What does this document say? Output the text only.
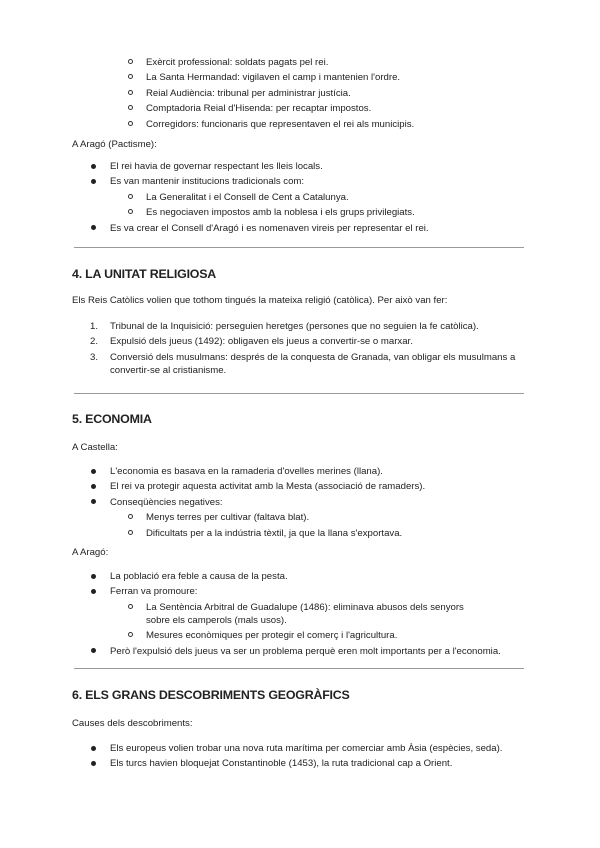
Exèrcit professional: soldats pagats pel rei.
La Santa Hermandad: vigilaven el camp i mantenien l'ordre.
Reial Audiència: tribunal per administrar justícia.
Comptadoria Reial d'Hisenda: per recaptar impostos.
Corregidors: funcionaris que representaven el rei als municipis.
A Aragó (Pactisme):
El rei havia de governar respectant les lleis locals.
Es van mantenir institucions tradicionals com:
La Generalitat i el Consell de Cent a Catalunya.
Es negociaven impostos amb la noblesa i els grups privilegiats.
Es va crear el Consell d'Aragó i es nomenaven vireis per representar el rei.
4. LA UNITAT RELIGIOSA
Els Reis Catòlics volien que tothom tingués la mateixa religió (catòlica). Per això van fer:
1. Tribunal de la Inquisició: perseguien heretges (persones que no seguien la fe catòlica).
2. Expulsió dels jueus (1492): obligaven els jueus a convertir-se o marxar.
3. Conversió dels musulmans: després de la conquesta de Granada, van obligar els musulmans a convertir-se al cristianisme.
5. ECONOMIA
A Castella:
L'economia es basava en la ramaderia d'ovelles merines (llana).
El rei va protegir aquesta activitat amb la Mesta (associació de ramaders).
Conseqüències negatives:
Menys terres per cultivar (faltava blat).
Dificultats per a la indústria tèxtil, ja que la llana s'exportava.
A Aragó:
La població era feble a causa de la pesta.
Ferran va promoure:
La Sentència Arbitral de Guadalupe (1486): eliminava abusos dels senyors sobre els camperols (mals usos).
Mesures econòmiques per protegir el comerç i l'agricultura.
Però l'expulsió dels jueus va ser un problema perquè eren molt importants per a l'economia.
6. ELS GRANS DESCOBRIMENTS GEOGRÀFICS
Causes dels descobriments:
Els europeus volien trobar una nova ruta marítima per comerciar amb Àsia (espècies, seda).
Els turcs havien bloquejat Constantinoble (1453), la ruta tradicional cap a Orient.
